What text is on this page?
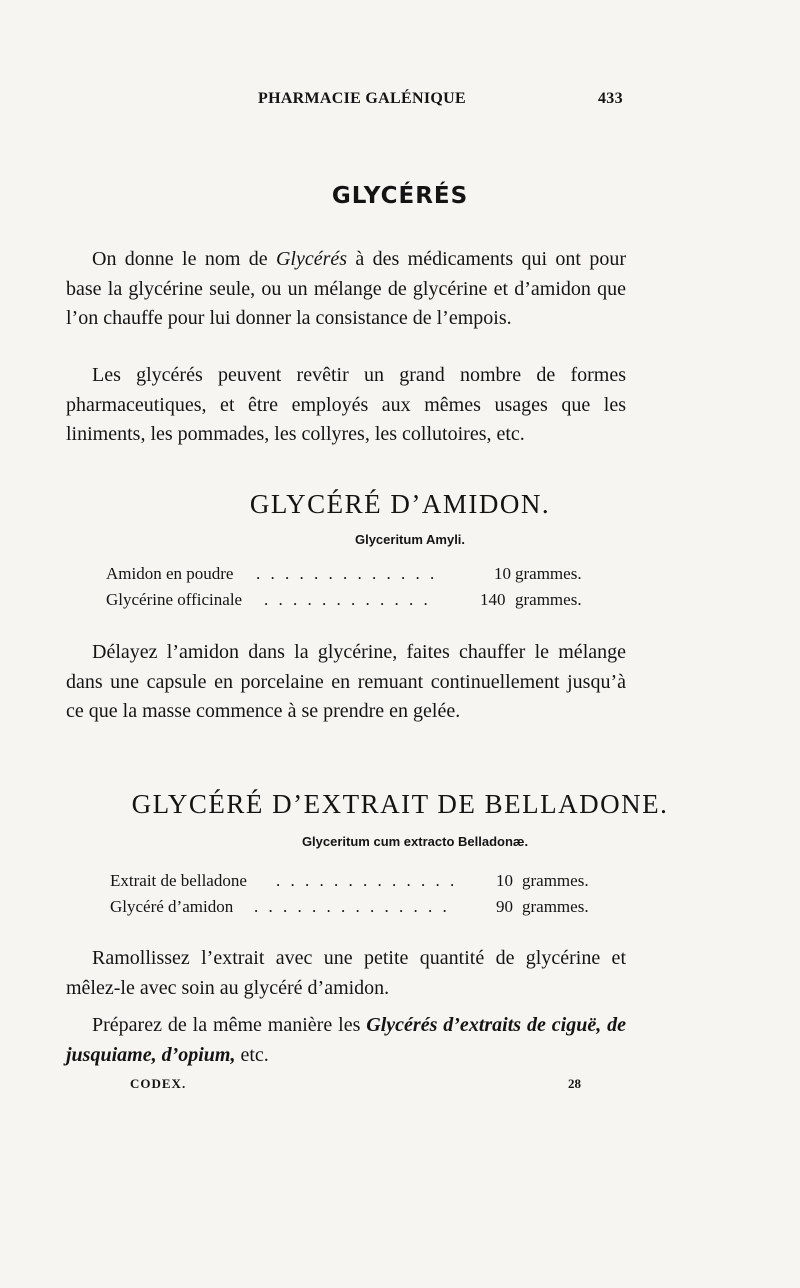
PHARMACIE GALÉNIQUE	433
GLYCÉRÉS
On donne le nom de Glycérés à des médicaments qui ont pour base la glycérine seule, ou un mélange de glycérine et d’amidon que l’on chauffe pour lui donner la consistance de l’empois.
Les glycérés peuvent revêtir un grand nombre de formes pharmaceutiques, et être employés aux mêmes usages que les liniments, les pommades, les collyres, les collutoires, etc.
GLYCÉRÉ D’AMIDON.
Glyceritum Amyli.
Amidon en poudre . . . . . . . . . . . . .	10 grammes.
Glycérine officinale . . . . . . . . . . . .	140 grammes.
Délayez l’amidon dans la glycérine, faites chauffer le mélange dans une capsule en porcelaine en remuant continuellement jusqu’à ce que la masse commence à se prendre en gelée.
GLYCÉRÉ D’EXTRAIT DE BELLADONE.
Glyceritum cum extracto Belladonæ.
Extrait de belladone . . . . . . . . . . . . . 10 grammes.
Glycéré d’amidon . . . . . . . . . . . . . .	90 grammes.
Ramollissez l’extrait avec une petite quantité de glycérine et mêlez-le avec soin au glycéré d’amidon.
Préparez de la même manière les Glycérés d’extraits de ciguë, de jusquiame, d’opium, etc.
CODEX.	28
